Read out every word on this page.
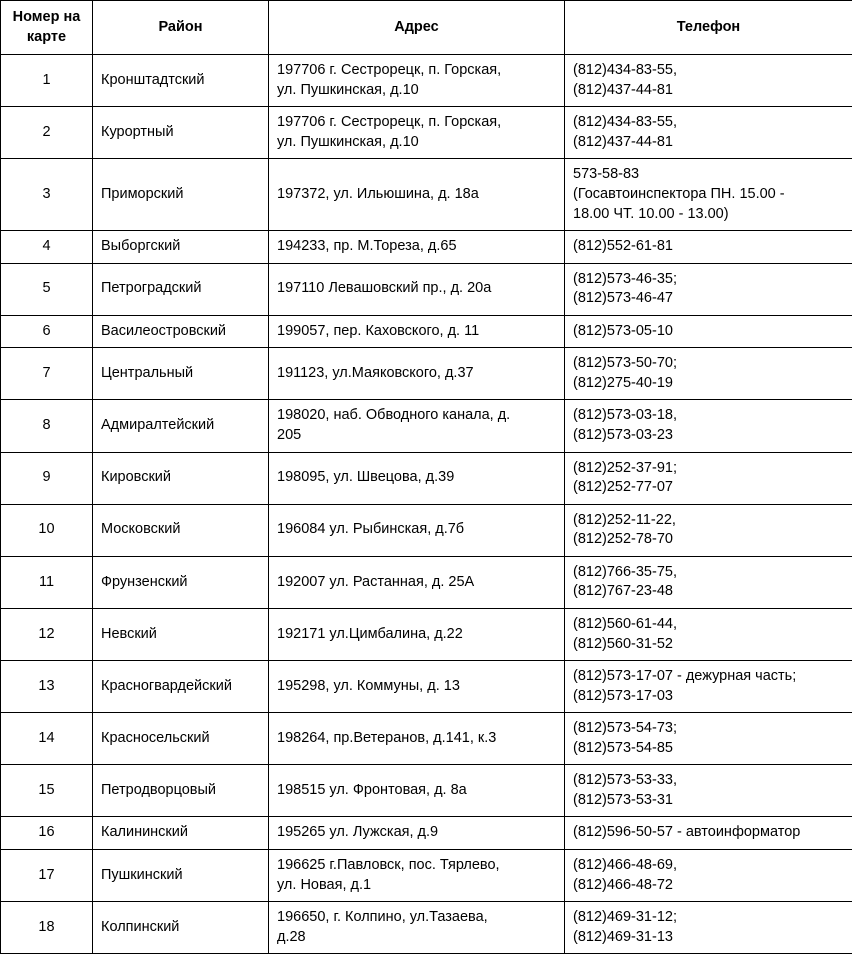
Номер на карте	Район	Адрес	Телефон
1	Кронштадтский	197706 г. Сестрорецк, п. Горская,
ул. Пушкинская, д.10	(812)434-83-55,
(812)437-44-81

2	Курортный	197706 г. Сестрорецк, п. Горская,
ул. Пушкинская, д.10	(812)434-83-55,
(812)437-44-81

3	Приморский	197372, ул. Ильюшина, д. 18а	573-58-83
(Госавтоинспектора ПН. 15.00 -
18.00 ЧТ. 10.00 - 13.00)

4	Выборгский	194233, пр. М.Тореза, д.65	(812)552-61-81

5	Петроградский	197110 Левашовский пр., д. 20а	(812)573-46-35;
(812)573-46-47

6	Василеостровский	199057, пер. Каховского, д. 11	(812)573-05-10

7	Центральный	191123, ул.Маяковского, д.37	(812)573-50-70;
(812)275-40-19

8	Адмиралтейский	198020, наб. Обводного канала, д.
205	(812)573-03-18,
(812)573-03-23

9	Кировский	198095, ул. Швецова, д.39	(812)252-37-91;
(812)252-77-07

10	Московский	196084 ул. Рыбинская, д.7б	(812)252-11-22,
(812)252-78-70

11	Фрунзенский	192007 ул. Растанная, д. 25А	(812)766-35-75,
(812)767-23-48

12	Невский	192171 ул.Цимбалина, д.22	(812)560-61-44,
(812)560-31-52

13	Красногвардейский	195298, ул. Коммуны, д. 13	(812)573-17-07 - дежурная часть;
(812)573-17-03

14	Красносельский	198264, пр.Ветеранов, д.141, к.3	(812)573-54-73;
(812)573-54-85

15	Петродворцовый	198515 ул. Фронтовая, д. 8а	(812)573-53-33,
(812)573-53-31

16	Калининский	195265 ул. Лужская, д.9	(812)596-50-57 - автоинформатор

17	Пушкинский	196625 г.Павловск, пос. Тярлево,
ул. Новая, д.1	(812)466-48-69,
(812)466-48-72

18	Колпинский	196650, г. Колпино, ул.Тазаева,
д.28	(812)469-31-12;
(812)469-31-13
